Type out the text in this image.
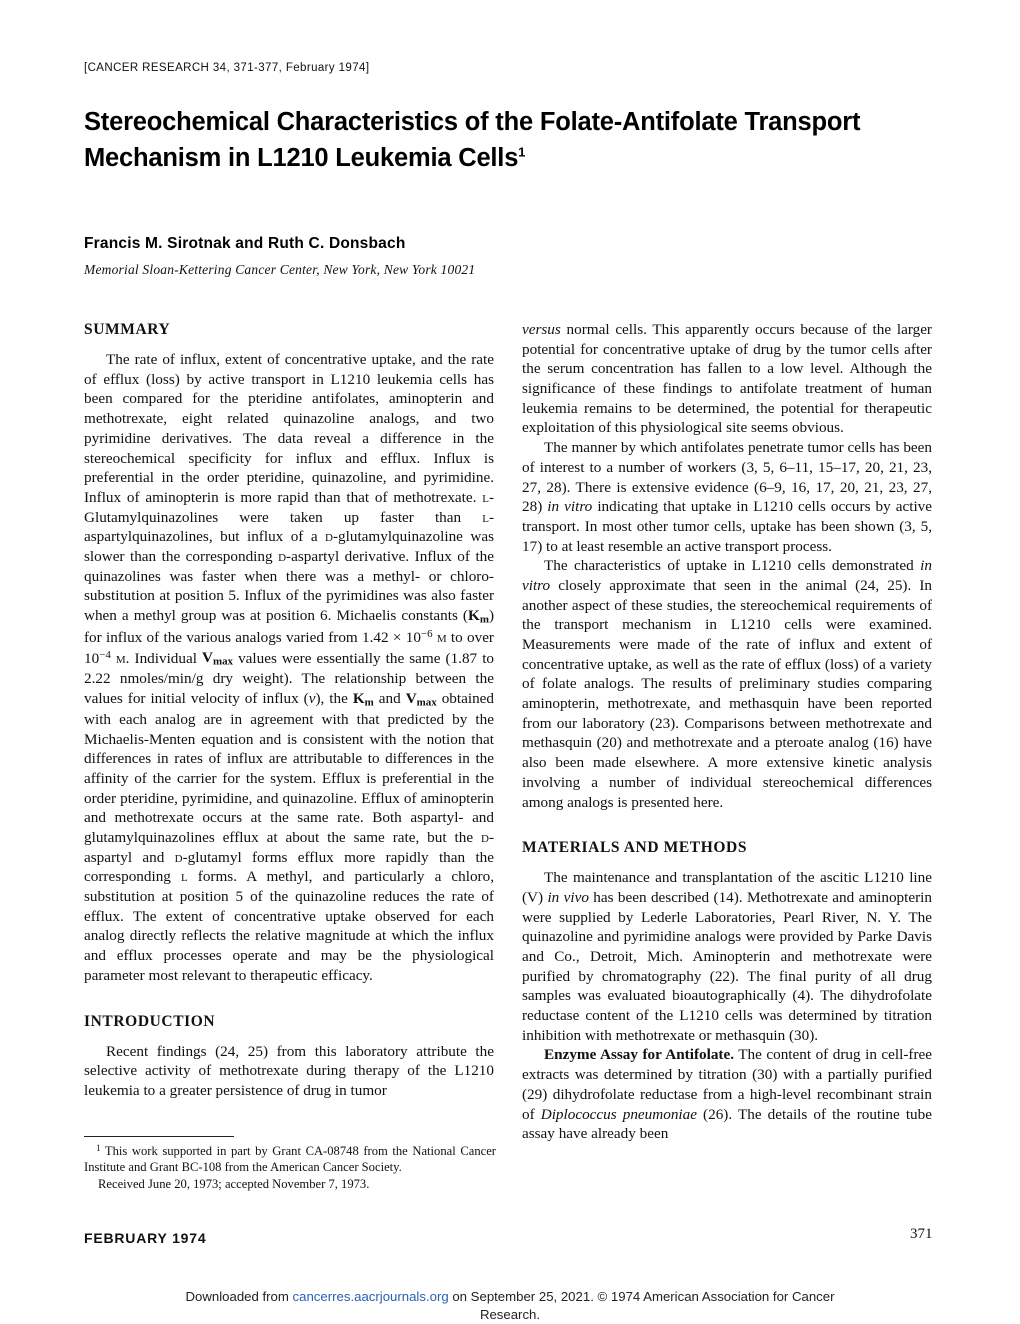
[CANCER RESEARCH 34, 371-377, February 1974]
Stereochemical Characteristics of the Folate-Antifolate Transport
Mechanism in L1210 Leukemia Cells$^1$
Francis M. Sirotnak and Ruth C. Donsbach
Memorial Sloan-Kettering Cancer Center, New York, New York 10021
SUMMARY

The rate of influx, extent of concentrative uptake, and the rate of efflux (loss) by active transport in L1210 leukemia cells has been compared for the pteridine antifolates, aminopterin and methotrexate, eight related quinazoline analogs, and two pyrimidine derivatives. The data reveal a difference in the stereochemical specificity for influx and efflux. Influx is preferential in the order pteridine, quinazoline, and pyrimidine. Influx of aminopterin is more rapid than that of methotrexate. l-Glutamylquinazolines were taken up faster than l-aspartylquinazolines, but influx of a d-glutamylquinazoline was slower than the corresponding d-aspartyl derivative. Influx of the quinazolines was faster when there was a methyl- or chloro- substitution at position 5. Influx of the pyrimidines was also faster when a methyl group was at position 6. Michaelis constants $(K_m)$ for influx of the various analogs varied from $1.42 \times 10^{-6}$ m to over $10^{-4}$ m. Individual $V_{max}$ values were essentially the same (1.87 to 2.22 nmoles/min/g dry weight). The relationship between the values for initial velocity of influx (v), the $K_m$ and $V_{max}$ obtained with each analog are in agreement with that predicted by the Michaelis-Menten equation and is consistent with the notion that differences in rates of influx are attributable to differences in the affinity of the carrier for the system. Efflux is preferential in the order pteridine, pyrimidine, and quinazoline. Efflux of aminopterin and methotrexate occurs at the same rate. Both aspartyl- and glutamylquinazolines efflux at about the same rate, but the d-aspartyl and d-glutamyl forms efflux more rapidly than the corresponding l forms. A methyl, and particularly a chloro, substitution at position 5 of the quinazoline reduces the rate of efflux. The extent of concentrative uptake observed for each analog directly reflects the relative magnitude at which the influx and efflux processes operate and may be the physiological parameter most relevant to therapeutic efficacy.

INTRODUCTION

Recent findings (24, 25) from this laboratory attribute the selective activity of methotrexate during therapy of the L1210 leukemia to a greater persistence of drug in tumor

versus normal cells. This apparently occurs because of the larger potential for concentrative uptake of drug by the tumor cells after the serum concentration has fallen to a low level. Although the significance of these findings to antifolate treatment of human leukemia remains to be determined, the potential for therapeutic exploitation of this physiological site seems obvious.

The manner by which antifolates penetrate tumor cells has been of interest to a number of workers (3, 5, 6–11, 15–17, 20, 21, 23, 27, 28). There is extensive evidence (6–9, 16, 17, 20, 21, 23, 27, 28) in vitro indicating that uptake in L1210 cells occurs by active transport. In most other tumor cells, uptake has been shown (3, 5, 17) to at least resemble an active transport process.

The characteristics of uptake in L1210 cells demonstrated in vitro closely approximate that seen in the animal (24, 25). In another aspect of these studies, the stereochemical requirements of the transport mechanism in L1210 cells were examined. Measurements were made of the rate of influx and extent of concentrative uptake, as well as the rate of efflux (loss) of a variety of folate analogs. The results of preliminary studies comparing aminopterin, methotrexate, and methasquin have been reported from our laboratory (23). Comparisons between methotrexate and methasquin (20) and methotrexate and a pteroate analog (16) have also been made elsewhere. A more extensive kinetic analysis involving a number of individual stereochemical differences among analogs is presented here.

MATERIALS AND METHODS

The maintenance and transplantation of the ascitic L1210 line (V) in vivo has been described (14). Methotrexate and aminopterin were supplied by Lederle Laboratories, Pearl River, N. Y. The quinazoline and pyrimidine analogs were provided by Parke Davis and Co., Detroit, Mich. Aminopterin and methotrexate were purified by chromatography (22). The final purity of all drug samples was evaluated bioautographically (4). The dihydrofolate reductase content of the L1210 cells was determined by titration inhibition with methotrexate or methasquin (30).

Enzyme Assay for Antifolate. The content of drug in cell-free extracts was determined by titration (30) with a partially purified (29) dihydrofolate reductase from a high-level recombinant strain of Diplococcus pneumoniae (26). The details of the routine tube assay have already been

$^1$ This work supported in part by Grant CA-08748 from the National Cancer Institute and Grant BC-108 from the American Cancer Society.

Received June 20, 1973; accepted November 7, 1973.

FEBRUARY 1974	371
Downloaded from cancerres.aacrjournals.org on September 25, 2021. © 1974 American Association for Cancer
Research.
